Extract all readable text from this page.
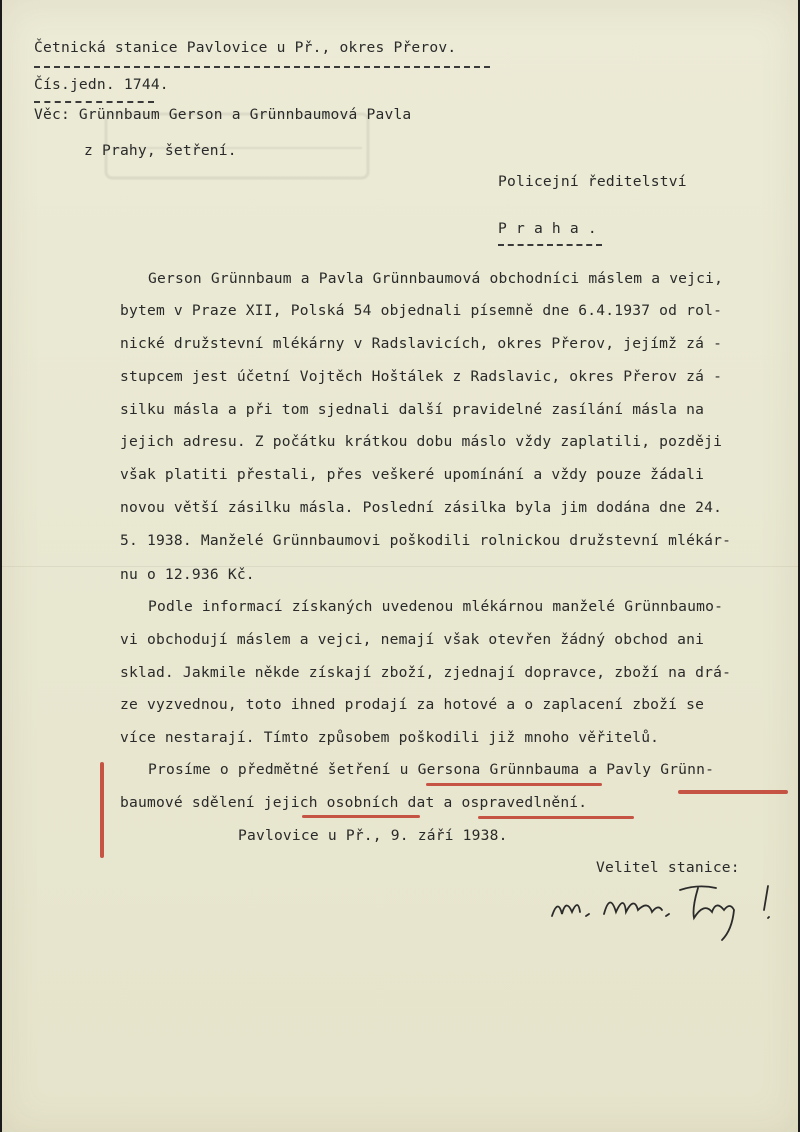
Četnická stanice Pavlovice u Př., okres Přerov.
Čís.jedn. 1744.
Věc: Grünnbaum Gerson a Grünnbaumová Pavla
z Prahy, šetření.
Policejní ředitelství
P r a h a .
Gerson Grünnbaum a Pavla Grünnbaumová obchodníci máslem a vejci,
bytem v Praze XII, Polská 54 objednali písemně dne 6.4.1937 od rol-
nické družstevní mlékárny v Radslavicích, okres Přerov, jejímž zá -
stupcem jest účetní Vojtěch Hoštálek z Radslavic, okres Přerov zá -
silku másla a při tom sjednali další pravidelné zasílání másla na
jejich adresu. Z počátku krátkou dobu máslo vždy zaplatili, později
však platiti přestali, přes veškeré upomínání a vždy pouze žádali
novou větší zásilku másla. Poslední zásilka byla jim dodána dne 24.
5. 1938. Manželé Grünnbaumovi poškodili rolnickou družstevní mlékár-
nu o 12.936 Kč.
Podle informací získaných uvedenou mlékárnou manželé Grünnbaumo-
vi obchodují máslem a vejci, nemají však otevřen žádný obchod ani
sklad. Jakmile někde získají zboží, zjednají dopravce, zboží na drá-
ze vyzvednou, toto ihned prodají za hotové a o zaplacení zboží se
více nestarají. Tímto způsobem poškodili již mnoho věřitelů.
Prosíme o předmětné šetření u Gersona Grünnbauma a Pavly Grünn-
baumové sdělení jejich osobních dat a ospravedlnění.
Pavlovice u Př., 9. září 1938.
Velitel stanice:
